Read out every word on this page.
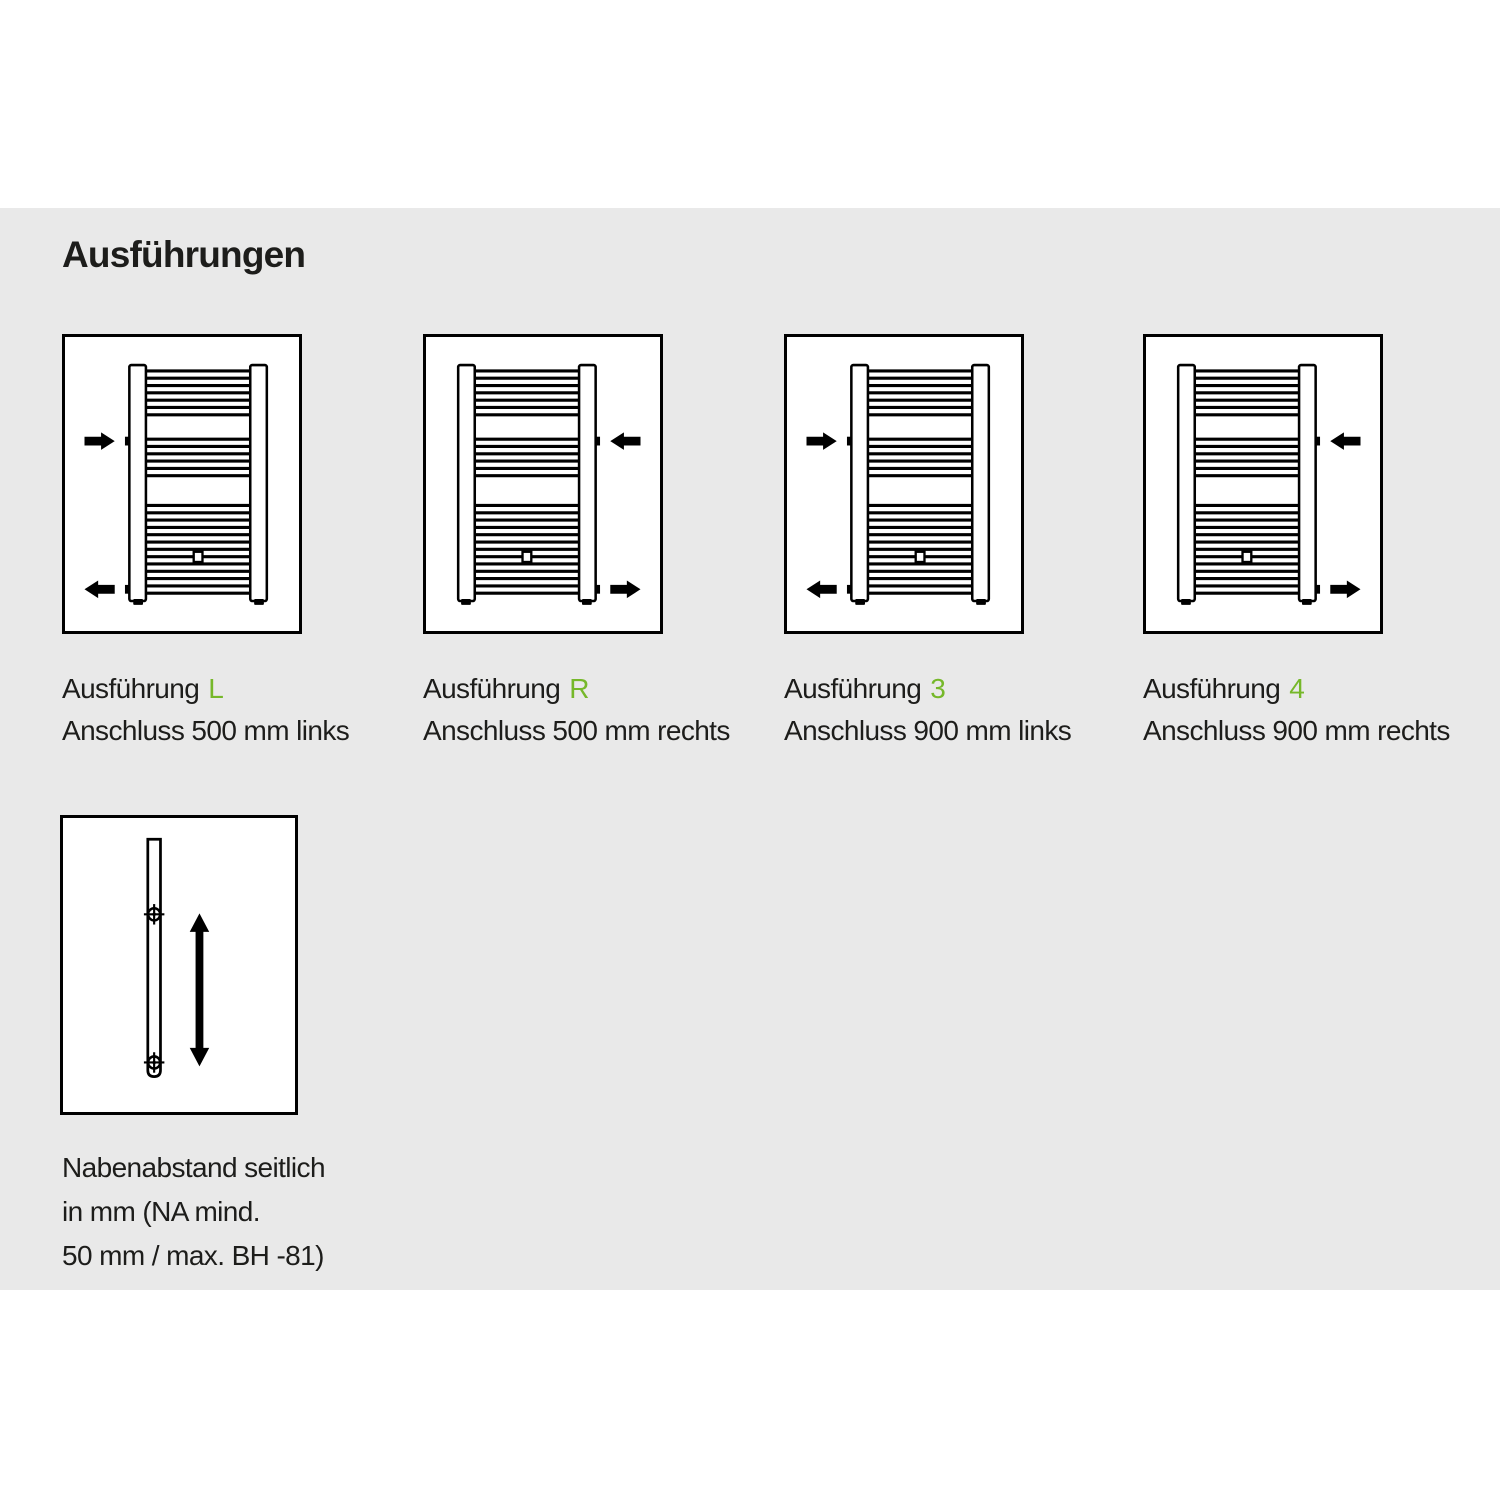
Ausführungen
Ausführung L
Anschluss 500 mm links
Ausführung R
Anschluss 500 mm rechts
Ausführung 3
Anschluss 900 mm links
Ausführung 4
Anschluss 900 mm rechts
Nabenabstand seitlich
in mm (NA mind.
50 mm / max. BH -81)
